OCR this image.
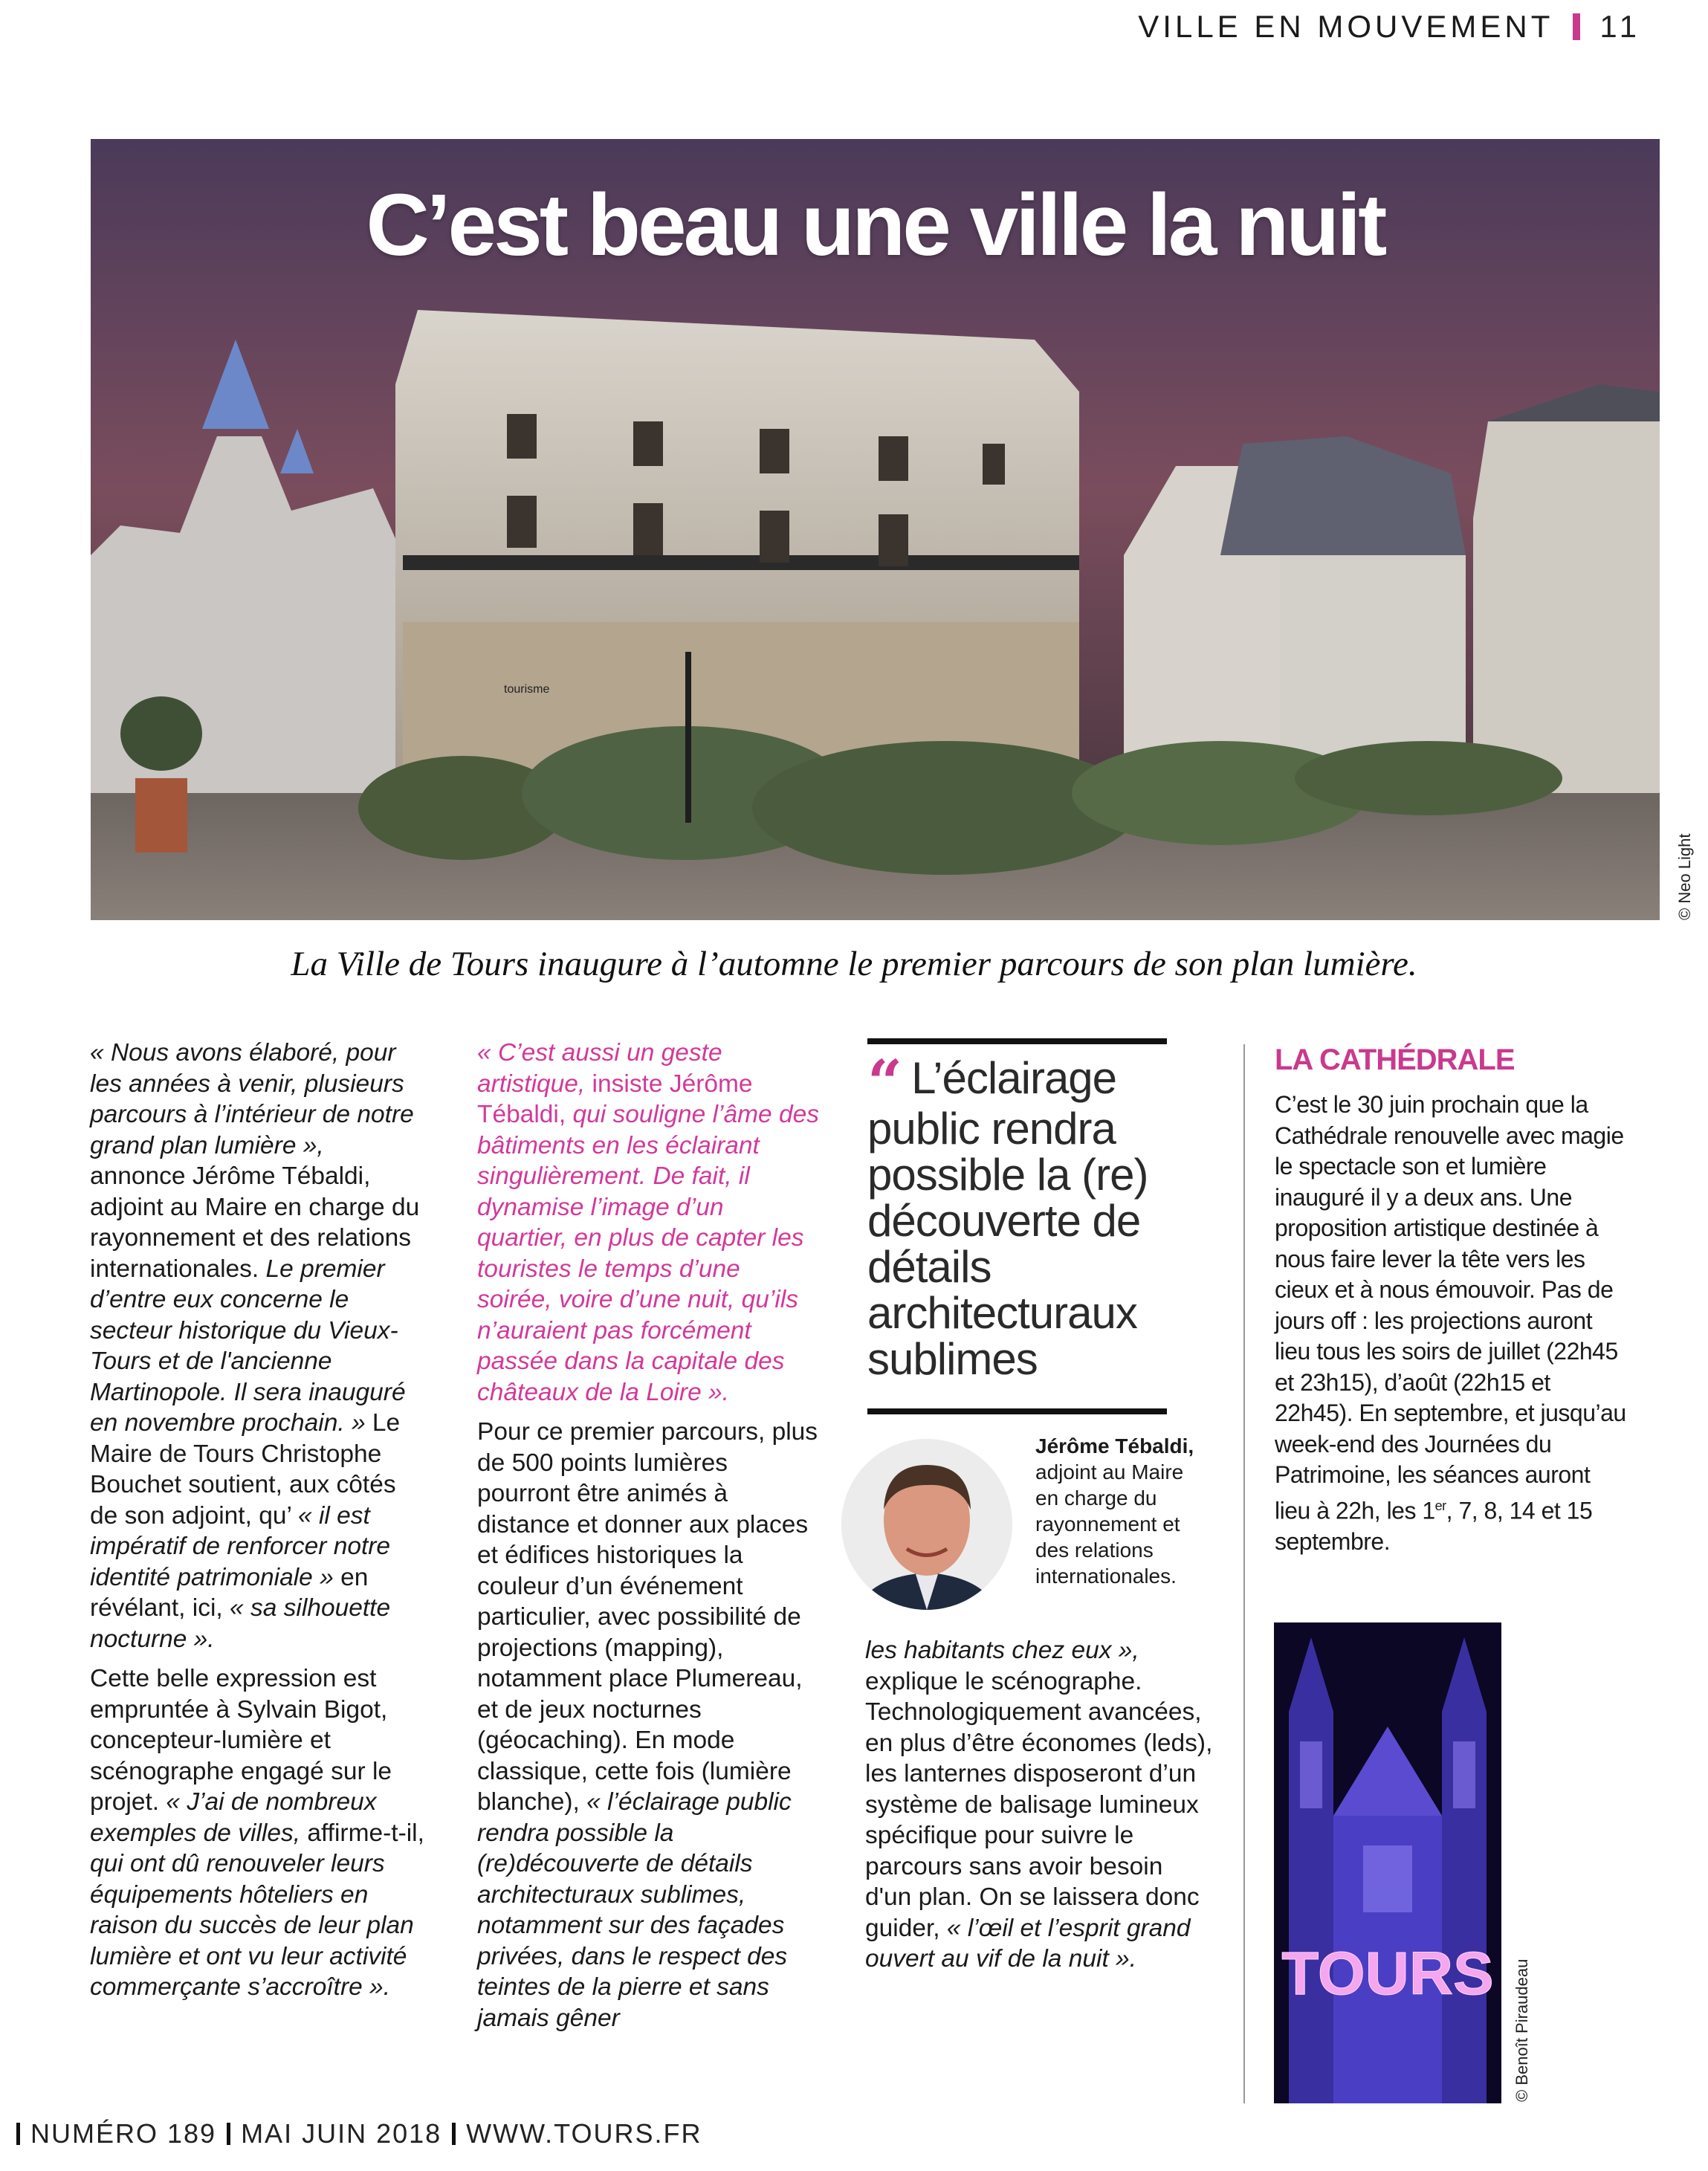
VILLE EN MOUVEMENT 11
tourisme
C’est beau une ville la nuit
© Neo Light
La Ville de Tours inaugure à l’automne le premier parcours de son plan lumière.

« Nous avons élaboré, pour les années à venir, plusieurs parcours à l’intérieur de notre grand plan lumière », annonce Jérôme Tébaldi, adjoint au Maire en charge du rayonnement et des relations internationales. Le premier d’entre eux concerne le secteur historique du Vieux-Tours et de l'ancienne Martinopole. Il sera inauguré en novembre prochain. » Le Maire de Tours Christophe Bouchet soutient, aux côtés de son adjoint, qu’ « il est impératif de renforcer notre identité patrimoniale » en révélant, ici, « sa silhouette nocturne ».

Cette belle expression est empruntée à Sylvain Bigot, concepteur-lumière et scénographe engagé sur le projet. « J’ai de nombreux exemples de villes, affirme-t-il, qui ont dû renouveler leurs équipements hôteliers en raison du succès de leur plan lumière et ont vu leur activité commerçante s’accroître ».

« C’est aussi un geste artistique, insiste Jérôme Tébaldi, qui souligne l’âme des bâtiments en les éclairant singulièrement. De fait, il dynamise l’image d’un quartier, en plus de capter les touristes le temps d’une soirée, voire d’une nuit, qu’ils n’auraient pas forcément passée dans la capitale des châteaux de la Loire ».

Pour ce premier parcours, plus de 500 points lumières pourront être animés à distance et donner aux places et édifices historiques la couleur d’un événement particulier, avec possibilité de projections (mapping), notamment place Plumereau, et de jeux nocturnes (géocaching). En mode classique, cette fois (lumière blanche), « l’éclairage public rendra possible la (re)découverte de détails architecturaux sublimes, notamment sur des façades privées, dans le respect des teintes de la pierre et sans jamais gêner

“ L’éclairage public rendra possible la (re) découverte de détails architecturaux sublimes
Jérôme Tébaldi, adjoint au Maire en charge du rayonnement et des relations internationales.

les habitants chez eux », explique le scénographe. Technologiquement avancées, en plus d’être économes (leds), les lanternes disposeront d’un système de balisage lumineux spécifique pour suivre le parcours sans avoir besoin d'un plan. On se laissera donc guider, « l’œil et l’esprit grand ouvert au vif de la nuit ».

LA CATHÉDRALE
C’est le 30 juin prochain que la Cathédrale renouvelle avec magie le spectacle son et lumière inauguré il y a deux ans. Une proposition artistique destinée à nous faire lever la tête vers les cieux et à nous émouvoir. Pas de jours off : les projections auront lieu tous les soirs de juillet (22h45 et 23h15), d’août (22h15 et 22h45). En septembre, et jusqu’au week-end des Journées du Patrimoine, les séances auront lieu à 22h, les 1er, 7, 8, 14 et 15 septembre.
TOURS © Benoît Piraudeau
NUMÉRO 189 MAI JUIN 2018 WWW.TOURS.FR
